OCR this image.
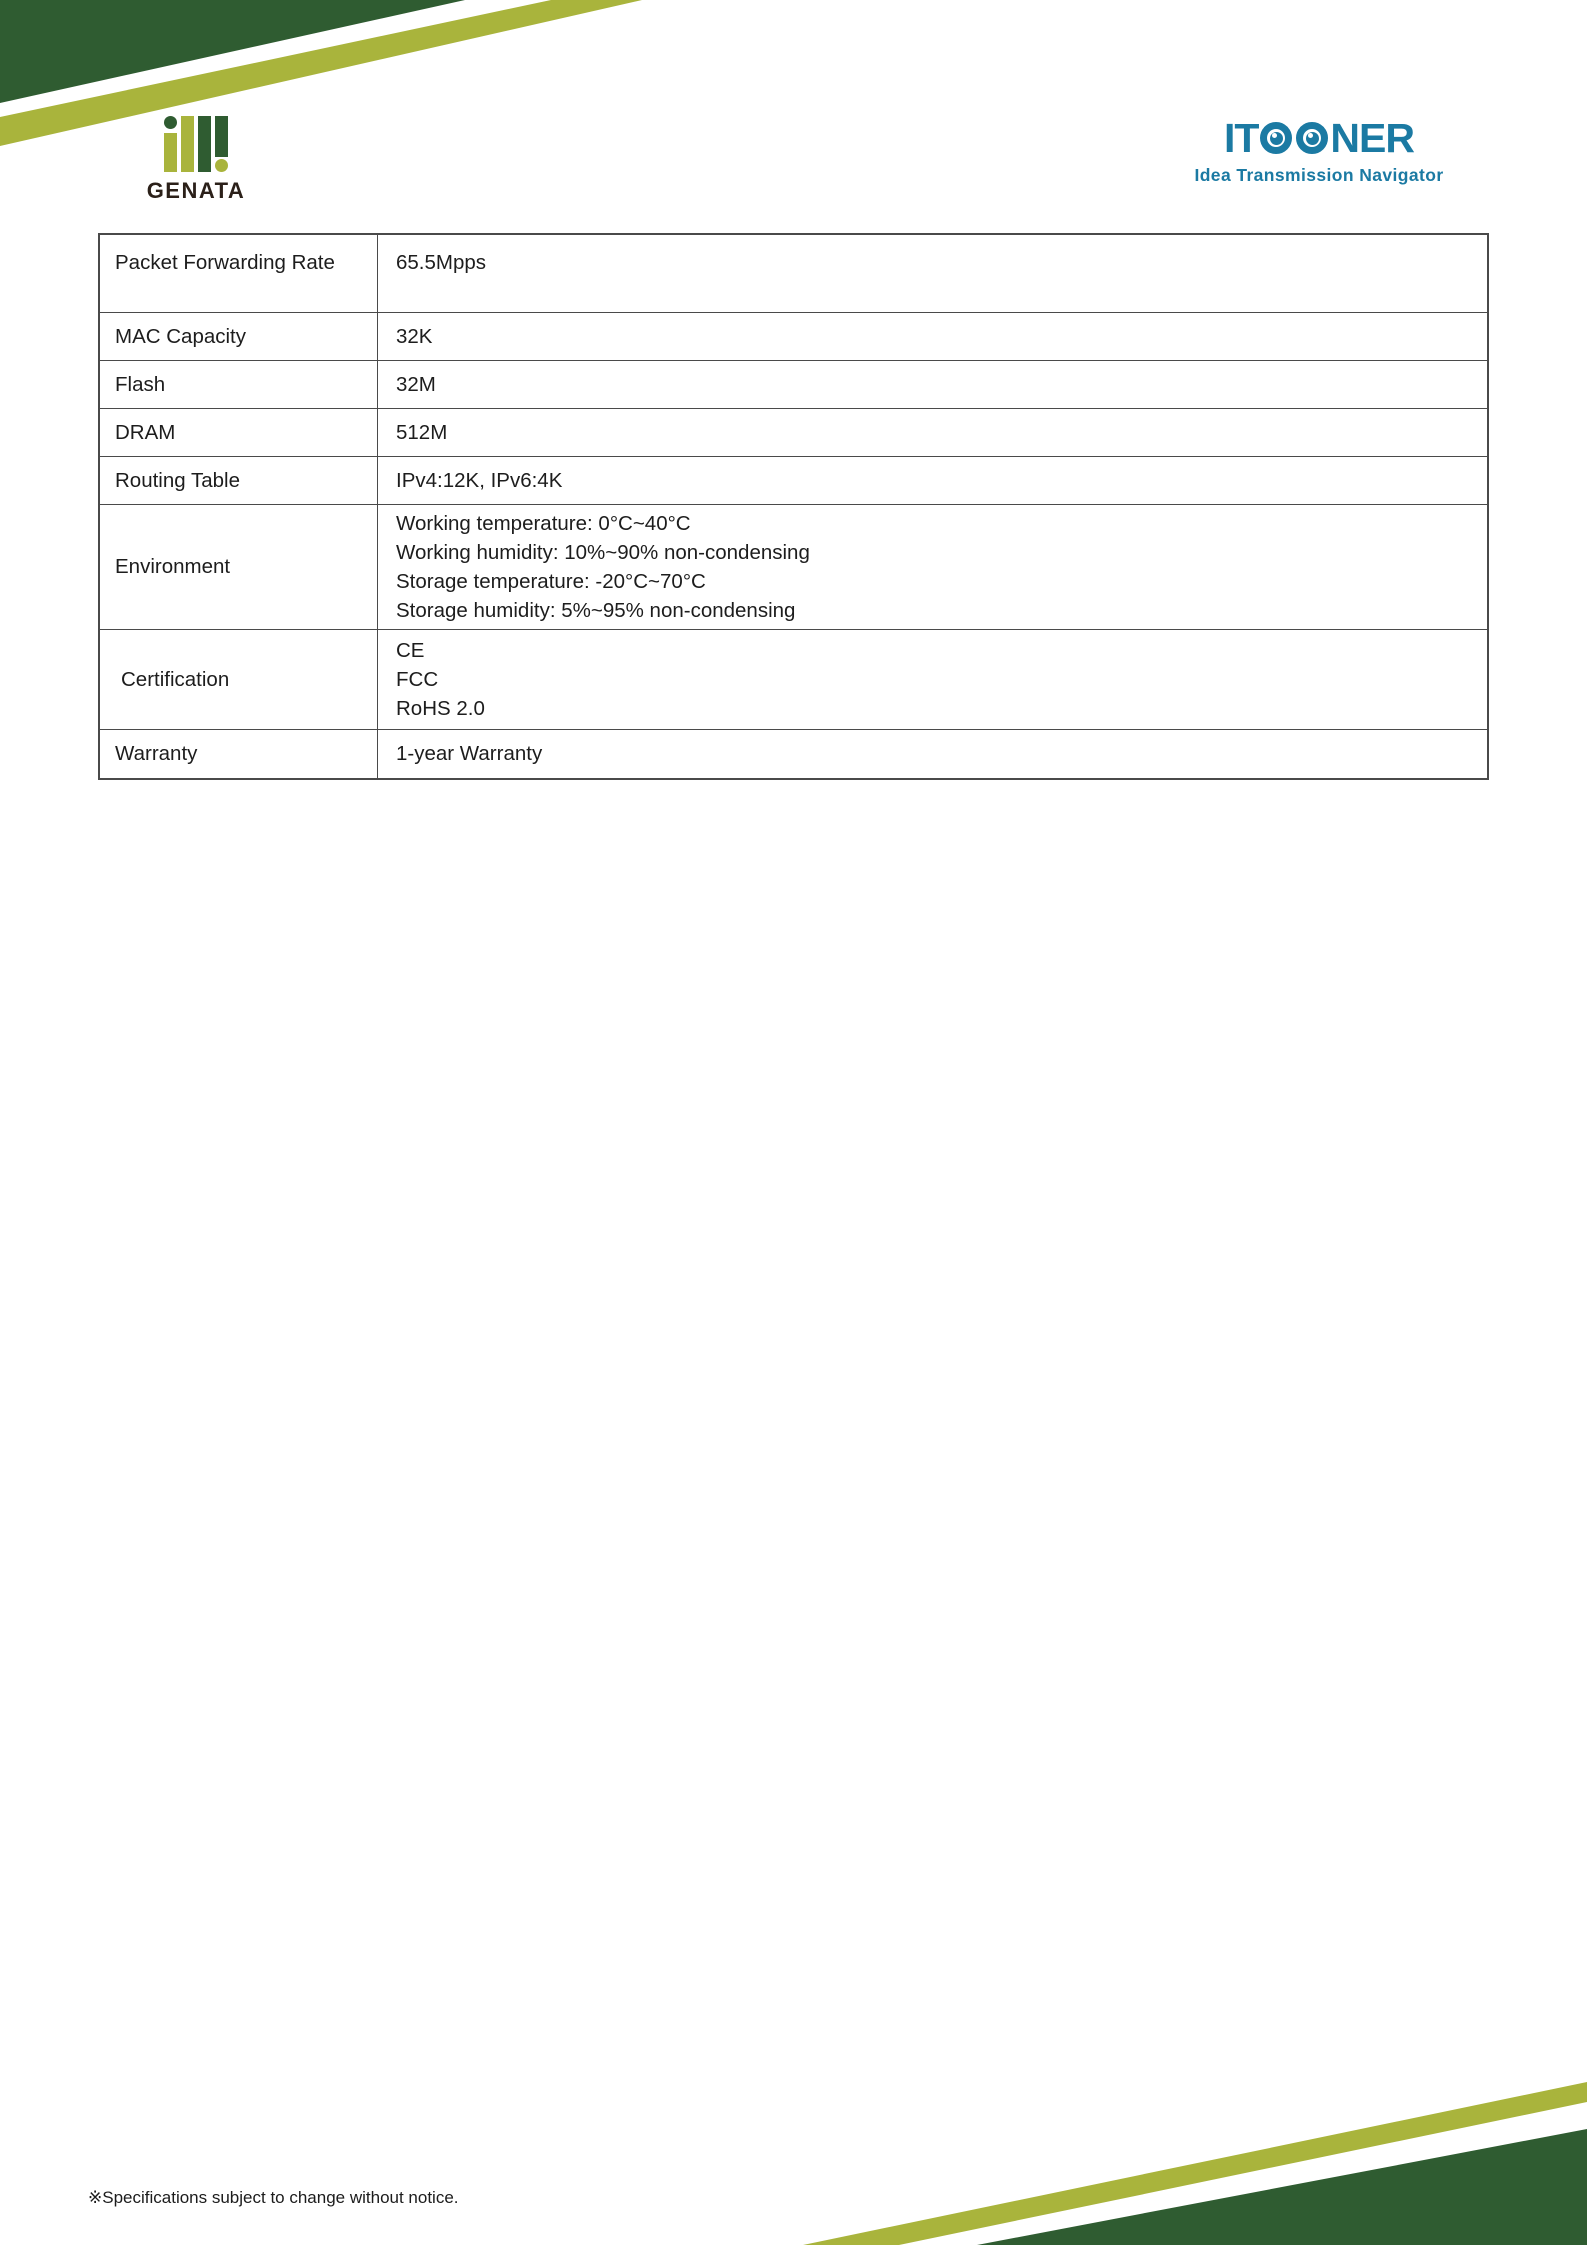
GENATA
IT NER
Idea Transmission Navigator
Packet Forwarding Rate	65.5Mpps

MAC Capacity	32K

Flash	32M

DRAM	512M

Routing Table	IPv4:12K, IPv6:4K

Environment	Working temperature: 0°C~40°C
Working humidity: 10%~90% non-condensing
Storage temperature: -20°C~70°C
Storage humidity: 5%~95% non-condensing

Certification	CE
FCC
RoHS 2.0

Warranty	1-year Warranty
※Specifications subject to change without notice.
